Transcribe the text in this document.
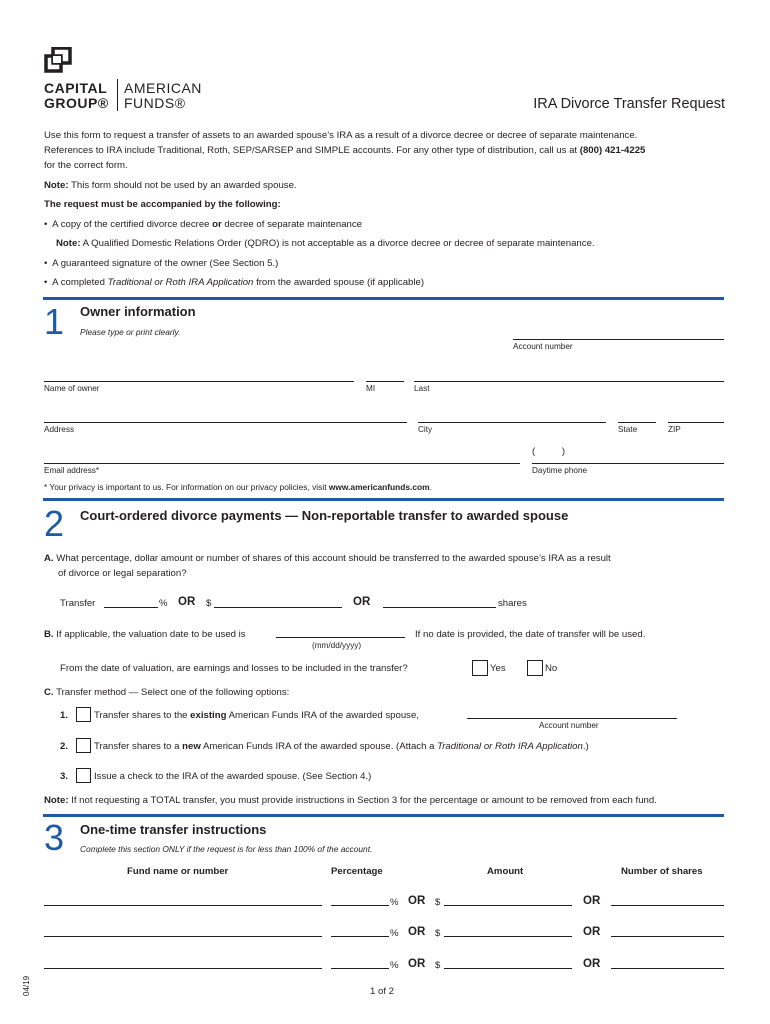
CAPITAL
GROUP®
AMERICAN
FUNDS®	IRA Divorce Transfer Request
Use this form to request a transfer of assets to an awarded spouse’s IRA as a result of a divorce decree or decree of separate maintenance.
References to IRA include Traditional, Roth, SEP/SARSEP and SIMPLE accounts. For any other type of distribution, call us at (800) 421-4225
for the correct form.
Note: This form should not be used by an awarded spouse.
The request must be accompanied by the following:
•  A copy of the certified divorce decree or decree of separate maintenance
Note: A Qualified Domestic Relations Order (QDRO) is not acceptable as a divorce decree or decree of separate maintenance.
•  A guaranteed signature of the owner (See Section 5.)
•  A completed Traditional or Roth IRA Application from the awarded spouse (if applicable)
1 Owner information
Please type or print clearly.
Account number
Name of owner	MI	Last
Address	City	State	ZIP
(          )
Email address*	Daytime phone
* Your privacy is important to us. For information on our privacy policies, visit www.americanfunds.com.
2 Court-ordered divorce payments — Non-reportable transfer to awarded spouse
A. What percentage, dollar amount or number of shares of this account should be transferred to the awarded spouse’s IRA as a result
of divorce or legal separation?
Transfer	% OR $	OR	shares
B. If applicable, the valuation date to be used is
(mm/dd/yyyy)
If no date is provided, the date of transfer will be used.
From the date of valuation, are earnings and losses to be included in the transfer?	Yes	No
C. Transfer method — Select one of the following options:
1.	Transfer shares to the existing American Funds IRA of the awarded spouse,
Account number
2.	Transfer shares to a new American Funds IRA of the awarded spouse. (Attach a Traditional or Roth IRA Application.)
3.	Issue a check to the IRA of the awarded spouse. (See Section 4.)
Note: If not requesting a TOTAL transfer, you must provide instructions in Section 3 for the percentage or amount to be removed from each fund.
3 One-time transfer instructions
Complete this section ONLY if the request is for less than 100% of the account.
Fund name or number	Percentage	Amount	Number of shares
% OR $	OR
% OR $	OR
% OR $	OR
04/19	1 of 2
